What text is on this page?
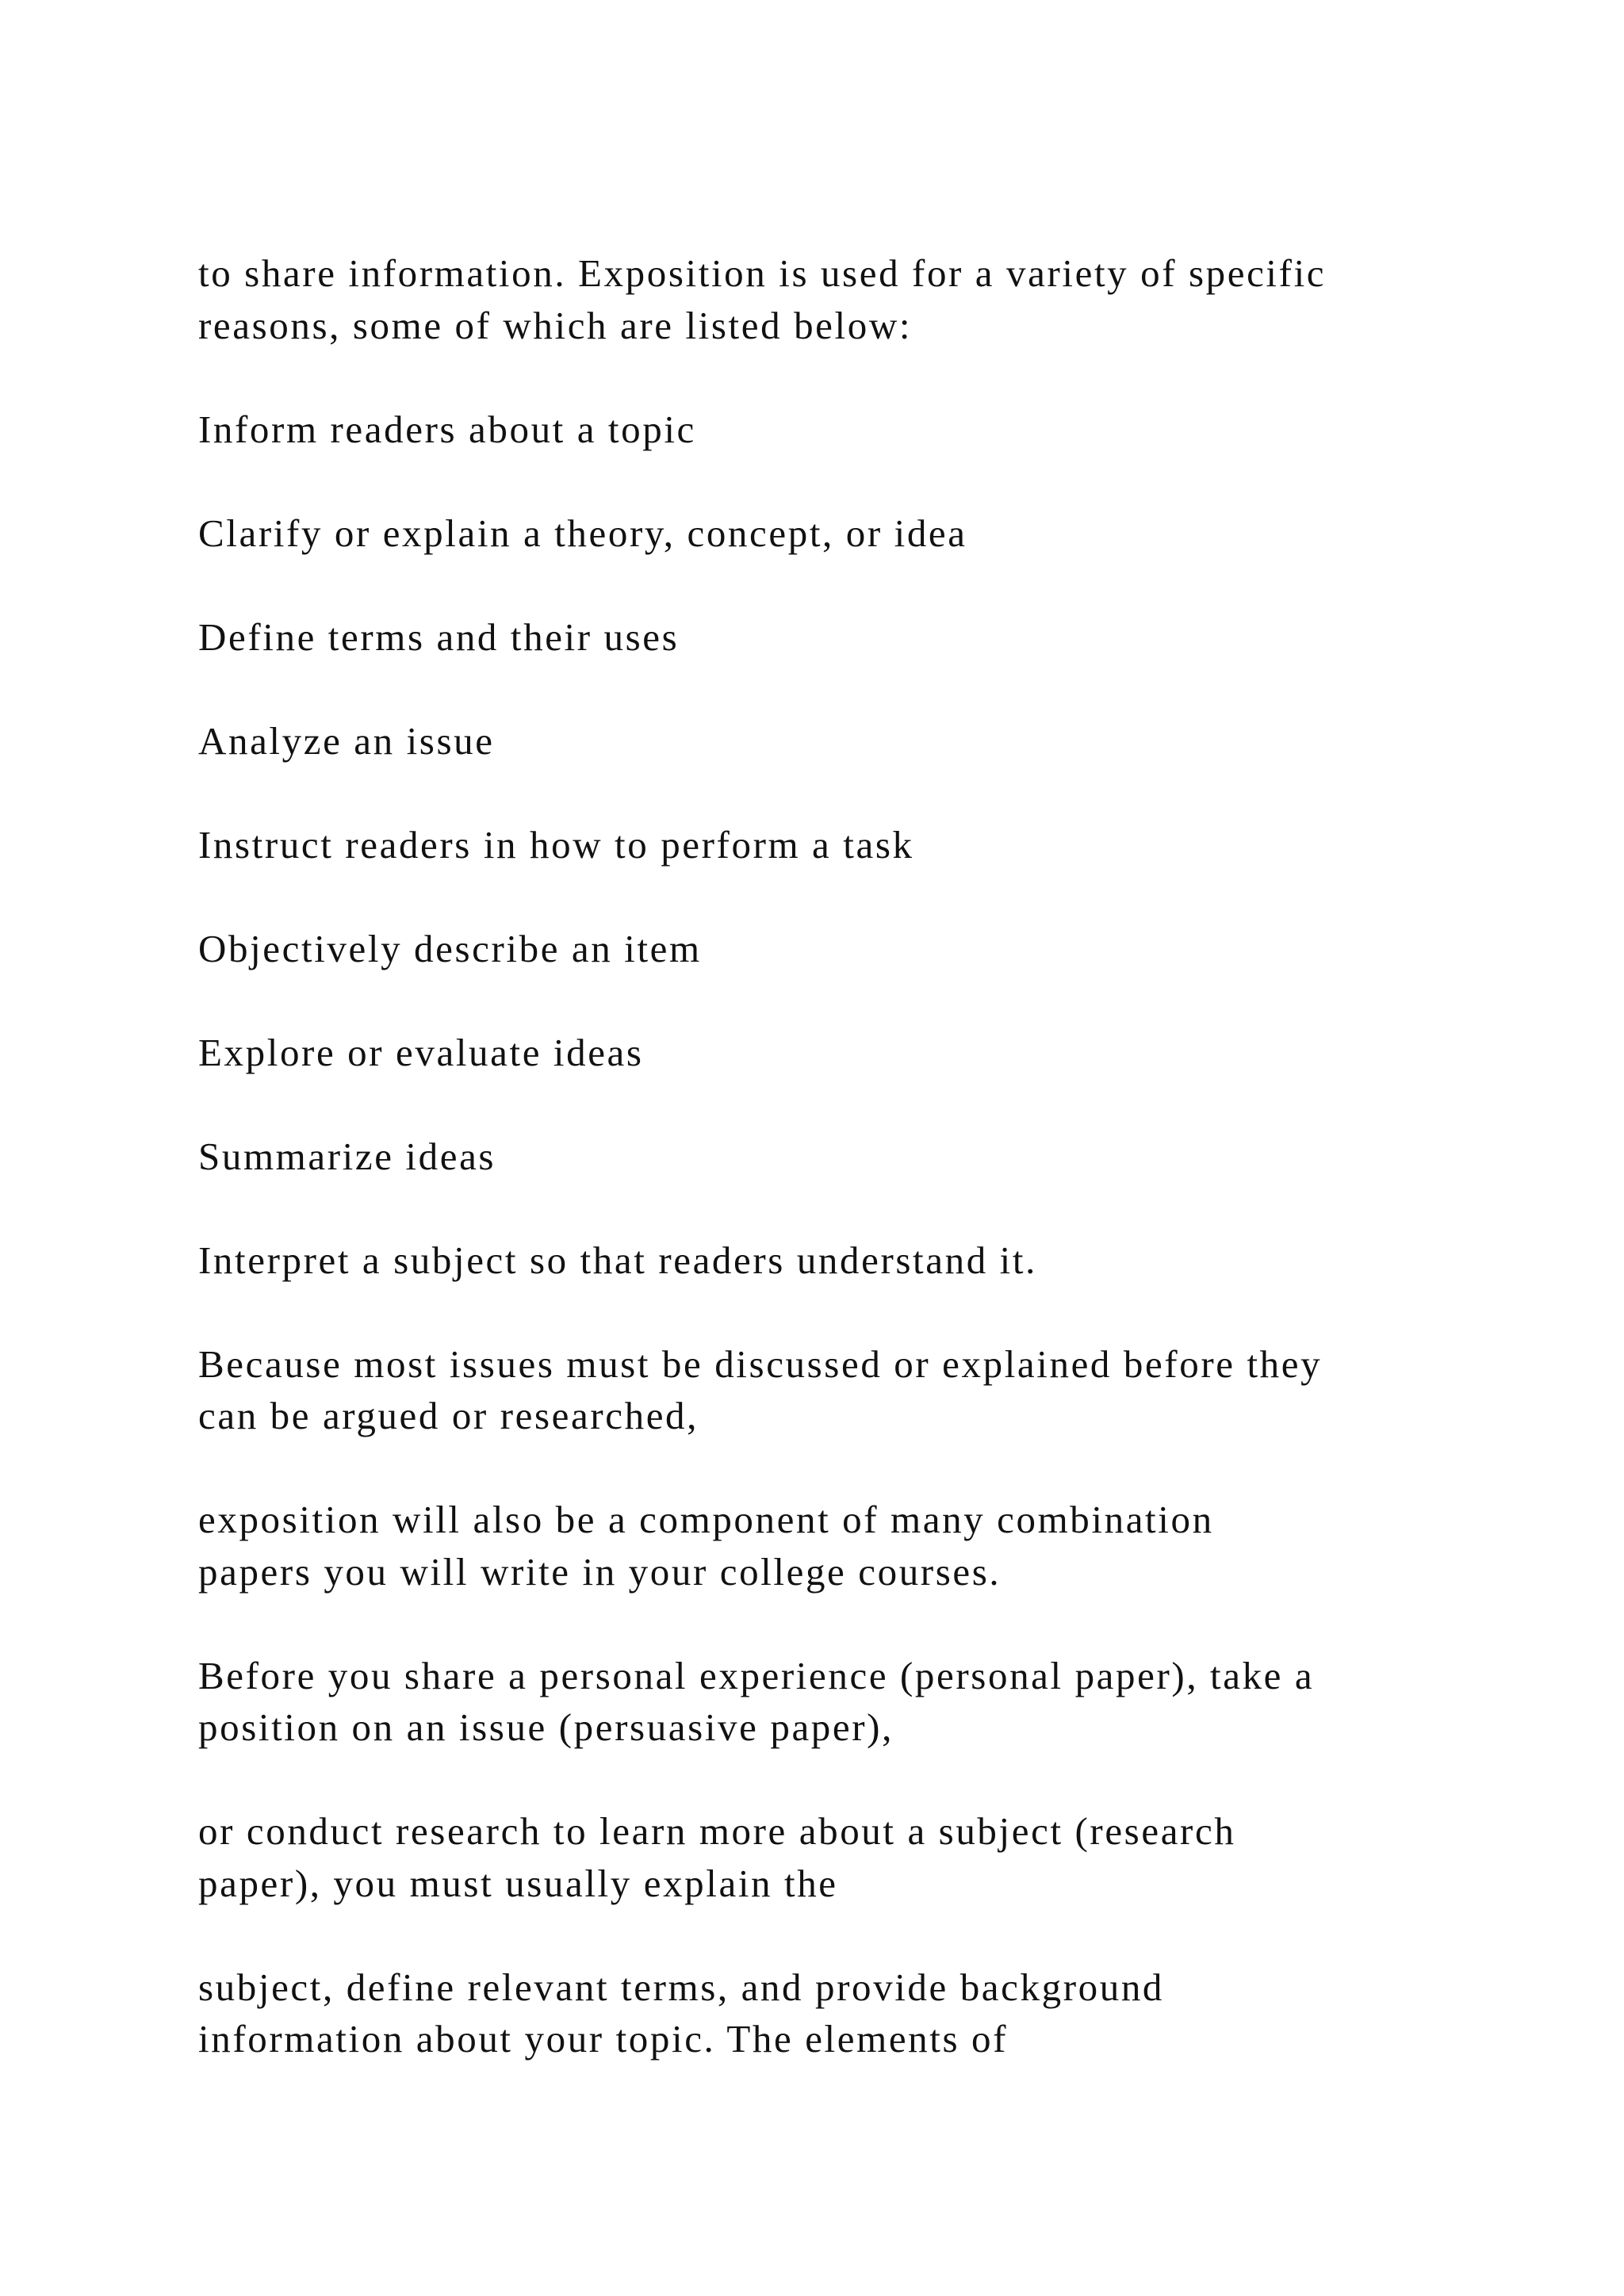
to share information. Exposition is used for a variety of specific
reasons, some of which are listed below:

Inform readers about a topic

Clarify or explain a theory, concept, or idea

Define terms and their uses

Analyze an issue

Instruct readers in how to perform a task

Objectively describe an item

Explore or evaluate ideas

Summarize ideas

Interpret a subject so that readers understand it.

Because most issues must be discussed or explained before they
can be argued or researched,

exposition will also be a component of many combination
papers you will write in your college courses.

Before you share a personal experience (personal paper), take a
position on an issue (persuasive paper),

or conduct research to learn more about a subject (research
paper), you must usually explain the

subject, define relevant terms, and provide background
information about your topic. The elements of
